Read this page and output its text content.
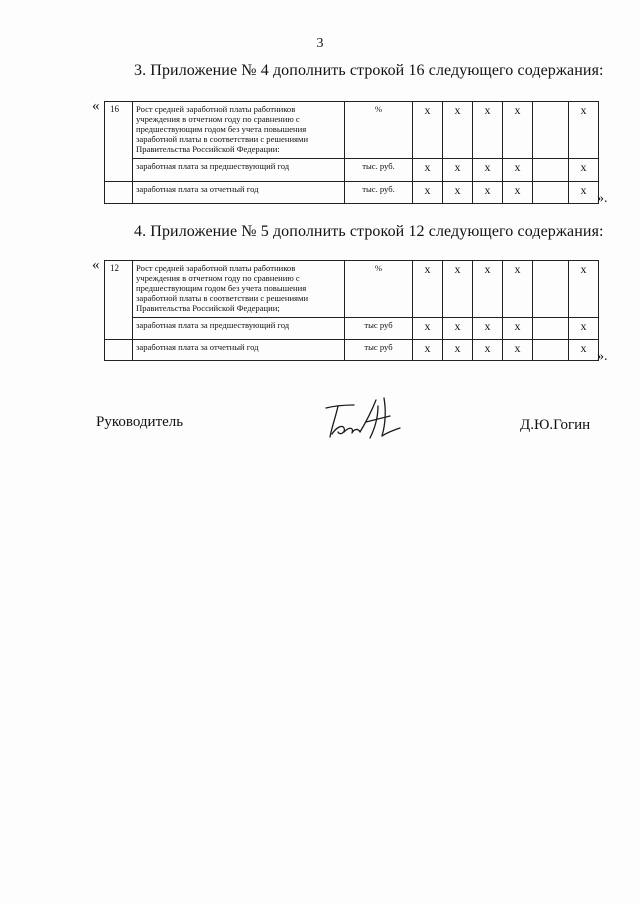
3
3. Приложение № 4 дополнить строкой 16 следующего содержания:
« 16	Рост средней заработной платы работников учреждения в отчетном году по сравнению с предшествующим годом без учета повышения заработной платы в соответствии с решениями Правительства Российской Федерации:	%	х	х	х	х		х
	заработная плата за предшествующий год	тыс. руб.	х	х	х	х		х
	заработная плата за отчетный год	тыс. руб.	х	х	х	х		х
».
4. Приложение № 5 дополнить строкой 12 следующего содержания:
« 12	Рост средней заработной платы работников учреждения в отчетном году по сравнению с предшествующим годом без учета повышения заработной платы в соответствии с решениями Правительства Российской Федерации;	%	х	х	х	х		х
	заработная плата за предшествующий год	тыс руб	х	х	х	х		х
	заработная плата за отчетный год	тыс руб	х	х	х	х		х
».
Руководитель	Д.Ю.Гогин
